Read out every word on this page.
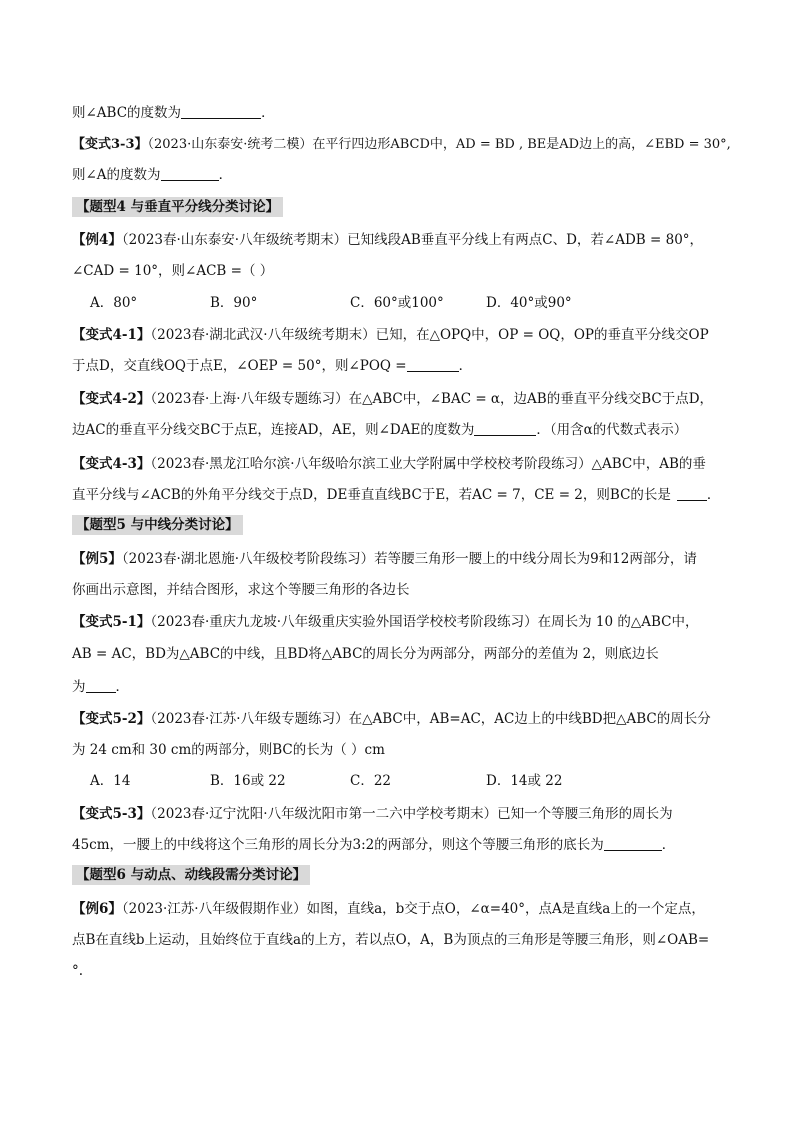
则∠ABC的度数为	．
【变式3-3】（2023·山东泰安·统考二模）在平行四边形ABCD中，AD = BD , BE是AD边上的高，∠EBD = 30°,
则∠A的度数为	．
【题型4 与垂直平分线分类讨论】
【例4】（2023春·山东泰安·八年级统考期末）已知线段AB垂直平分线上有两点C、D，若∠ADB = 80°，
∠CAD = 10°，则∠ACB =（ ）
A．80°	B．90°	C．60°或100°	D．40°或90°
【变式4-1】（2023春·湖北武汉·八年级统考期末）已知，在△OPQ中，OP = OQ，OP的垂直平分线交OP
于点D，交直线OQ于点E，∠OEP = 50°，则∠POQ =	．
【变式4-2】（2023春·上海·八年级专题练习）在△ABC中，∠BAC = α，边AB的垂直平分线交BC于点D，
边AC的垂直平分线交BC于点E，连接AD，AE，则∠DAE的度数为	．（用含α的代数式表示）
【变式4-3】（2023春·黑龙江哈尔滨·八年级哈尔滨工业大学附属中学校校考阶段练习）△ABC中，AB的垂
直平分线与∠ACB的外角平分线交于点D，DE垂直直线BC于E，若AC = 7，CE = 2，则BC的长是	．
【题型5 与中线分类讨论】
【例5】（2023春·湖北恩施·八年级校考阶段练习）若等腰三角形一腰上的中线分周长为9和12两部分，请
你画出示意图，并结合图形，求这个等腰三角形的各边长
【变式5-1】（2023春·重庆九龙坡·八年级重庆实验外国语学校校考阶段练习）在周长为 10 的△ABC中，
AB = AC，BD为△ABC的中线，且BD将△ABC的周长分为两部分，两部分的差值为 2，则底边长
为 ．
【变式5-2】（2023春·江苏·八年级专题练习）在△ABC中，AB=AC，AC边上的中线BD把△ABC的周长分
为 24 cm和 30 cm的两部分，则BC的长为（ ）cm
A．14	B．16或 22	C．22	D．14或 22
【变式5-3】（2023春·辽宁沈阳·八年级沈阳市第一二六中学校考期末）已知一个等腰三角形的周长为
45cm，一腰上的中线将这个三角形的周长分为3:2的两部分，则这个等腰三角形的底长为	．
【题型6 与动点、动线段需分类讨论】
【例6】（2023·江苏·八年级假期作业）如图，直线a，b交于点O，∠α=40°，点A是直线a上的一个定点，
点B在直线b上运动，且始终位于直线a的上方，若以点O，A，B为顶点的三角形是等腰三角形，则∠OAB=
°.
